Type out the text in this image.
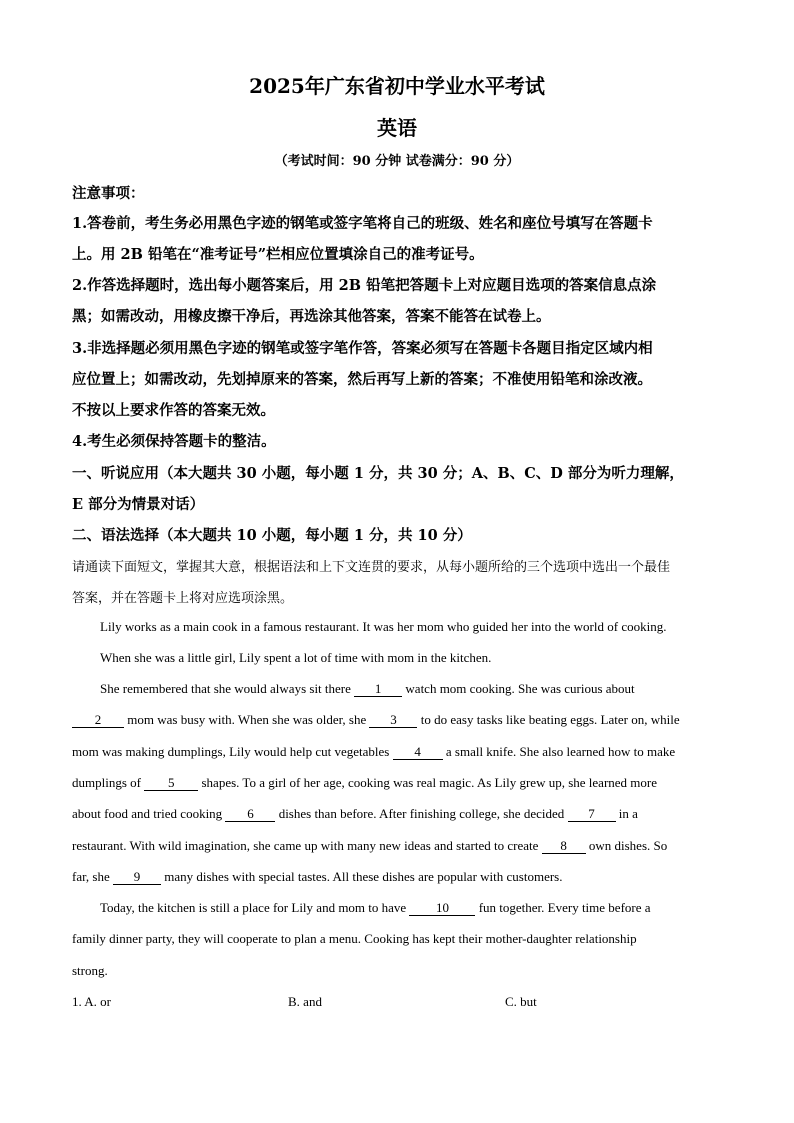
2025年广东省初中学业水平考试
英语
（考试时间：90 分钟 试卷满分：90 分）
注意事项：
1.答卷前，考生务必用黑色字迹的钢笔或签字笔将自己的班级、姓名和座位号填写在答题卡
上。用 2B 铅笔在“准考证号”栏相应位置填涂自己的准考证号。
2.作答选择题时，选出每小题答案后，用 2B 铅笔把答题卡上对应题目选项的答案信息点涂
黑；如需改动，用橡皮擦干净后，再选涂其他答案，答案不能答在试卷上。
3.非选择题必须用黑色字迹的钢笔或签字笔作答，答案必须写在答题卡各题目指定区域内相
应位置上；如需改动，先划掉原来的答案，然后再写上新的答案；不准使用铅笔和涂改液。
不按以上要求作答的答案无效。
4.考生必须保持答题卡的整洁。
一、听说应用（本大题共 30 小题，每小题 1 分，共 30 分；A、B、C、D 部分为听力理解，
E 部分为情景对话）
二、语法选择（本大题共 10 小题，每小题 1 分，共 10 分）
请通读下面短文，掌握其大意，根据语法和上下文连贯的要求，从每小题所给的三个选项中选出一个最佳
答案，并在答题卡上将对应选项涂黑。
Lily works as a main cook in a famous restaurant. It was her mom who guided her into the world of cooking.
When she was a little girl, Lily spent a lot of time with mom in the kitchen.
She remembered that she would always sit there 1 watch mom cooking. She was curious about
2 mom was busy with. When she was older, she 3 to do easy tasks like beating eggs. Later on, while
mom was making dumplings, Lily would help cut vegetables 4 a small knife. She also learned how to make
dumplings of 5 shapes. To a girl of her age, cooking was real magic. As Lily grew up, she learned more
about food and tried cooking 6 dishes than before. After finishing college, she decided 7 in a
restaurant. With wild imagination, she came up with many new ideas and started to create 8 own dishes. So
far, she 9 many dishes with special tastes. All these dishes are popular with customers.
Today, the kitchen is still a place for Lily and mom to have 10 fun together. Every time before a
family dinner party, they will cooperate to plan a menu. Cooking has kept their mother-daughter relationship
strong.
1. A. or	B. and	C. but
